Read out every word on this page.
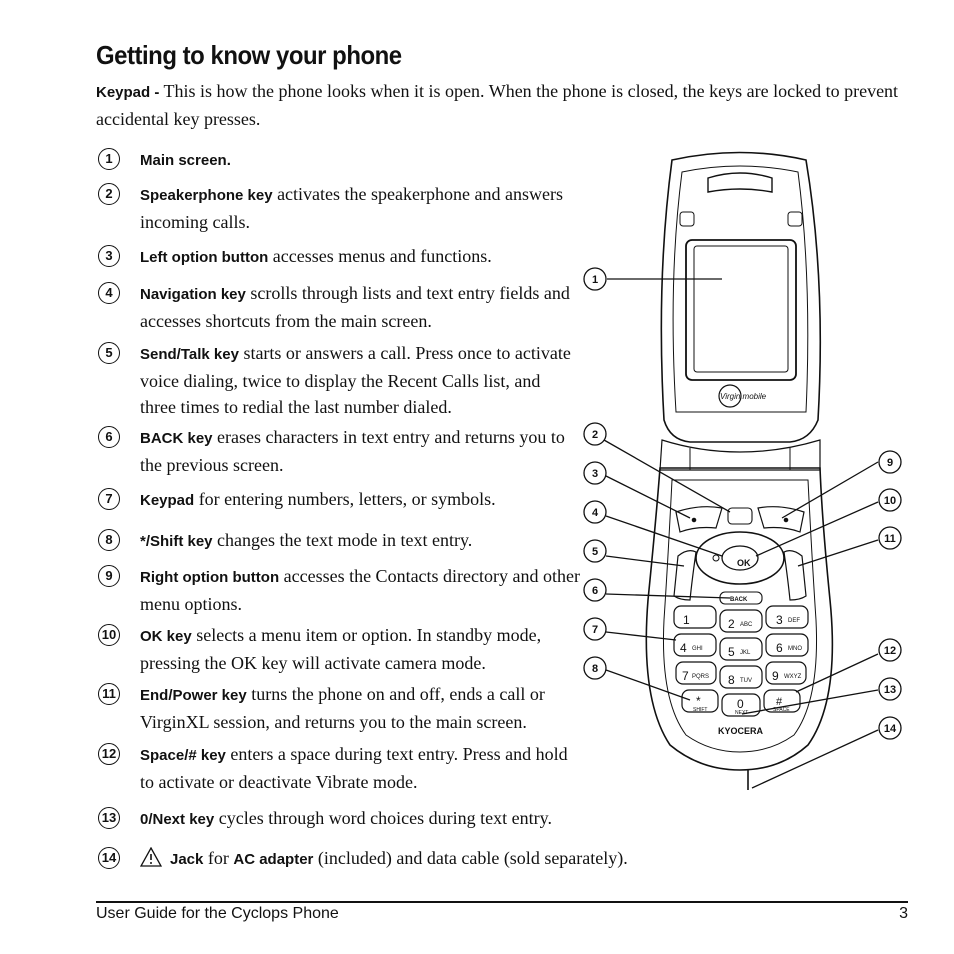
Getting to know your phone
Keypad - This is how the phone looks when it is open. When the phone is closed, the keys are locked to prevent accidental key presses.
1	Main screen.
2	Speakerphone key activates the speakerphone and answers incoming calls.
3	Left option button accesses menus and functions.
4	Navigation key scrolls through lists and text entry fields and accesses shortcuts from the main screen.
5	Send/Talk key starts or answers a call. Press once to activate voice dialing, twice to display the Recent Calls list, and three times to redial the last number dialed.
6	BACK key erases characters in text entry and returns you to the previous screen.
7	Keypad for entering numbers, letters, or symbols.
8	*/Shift key changes the text mode in text entry.
9	Right option button accesses the Contacts directory and other menu options.
10 OK key selects a menu item or option. In standby mode, pressing the OK key will activate camera mode.
11 End/Power key turns the phone on and off, ends a call or VirginXL session, and returns you to the main screen.
12 Space/# key enters a space during text entry. Press and hold to activate or deactivate Vibrate mode.
13 0/Next key cycles through word choices during text entry.
14	Jack for AC adapter (included) and data cable (sold separately).
Virgin mobile
OK
BACK
1	2 ABC 3 DEF
4 GHI 5 JKL 6 MNO
7 PQRS 8 TUV 9 WXYZ
*
SHIFT 0
NEXT
#
SPACE
KYOCERA
1
2
3
4
5
6
7
8
9
10
11
12
13
14
User Guide for the Cyclops Phone	3
